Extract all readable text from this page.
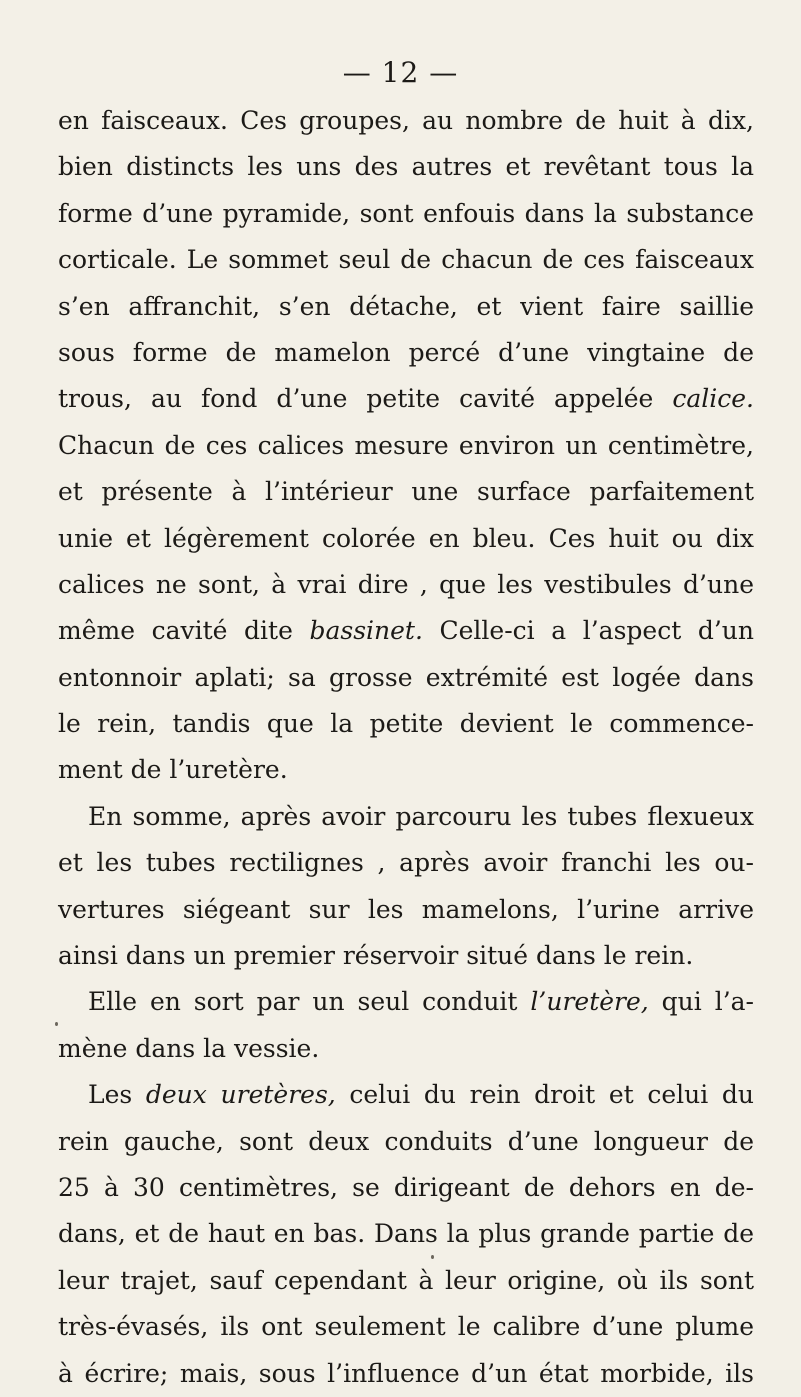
— 12 —
en faisceaux. Ces groupes, au nombre de huit à dix,
bien distincts les uns des autres et revêtant tous la
forme d’une pyramide, sont enfouis dans la substance
corticale. Le sommet seul de chacun de ces faisceaux
s’en affranchit, s’en détache, et vient faire saillie
sous forme de mamelon percé d’une vingtaine de
trous, au fond d’une petite cavité appelée calice.
Chacun de ces calices mesure environ un centimètre,
et présente à l’intérieur une surface parfaitement
unie et légèrement colorée en bleu. Ces huit ou dix
calices ne sont, à vrai dire , que les vestibules d’une
même cavité dite bassinet. Celle-ci a l’aspect d’un
entonnoir aplati; sa grosse extrémité est logée dans
le rein, tandis que la petite devient le commence-
ment de l’uretère.
En somme, après avoir parcouru les tubes flexueux
et les tubes rectilignes , après avoir franchi les ou-
vertures siégeant sur les mamelons, l’urine arrive
ainsi dans un premier réservoir situé dans le rein.
Elle en sort par un seul conduit l’uretère, qui l’a-
mène dans la vessie.
Les deux uretères, celui du rein droit et celui du
rein gauche, sont deux conduits d’une longueur de
25 à 30 centimètres, se dirigeant de dehors en de-
dans, et de haut en bas. Dans la plus grande partie de
leur trajet, sauf cependant à leur origine, où ils sont
très-évasés, ils ont seulement le calibre d’une plume
à écrire; mais, sous l’influence d’un état morbide, ils
